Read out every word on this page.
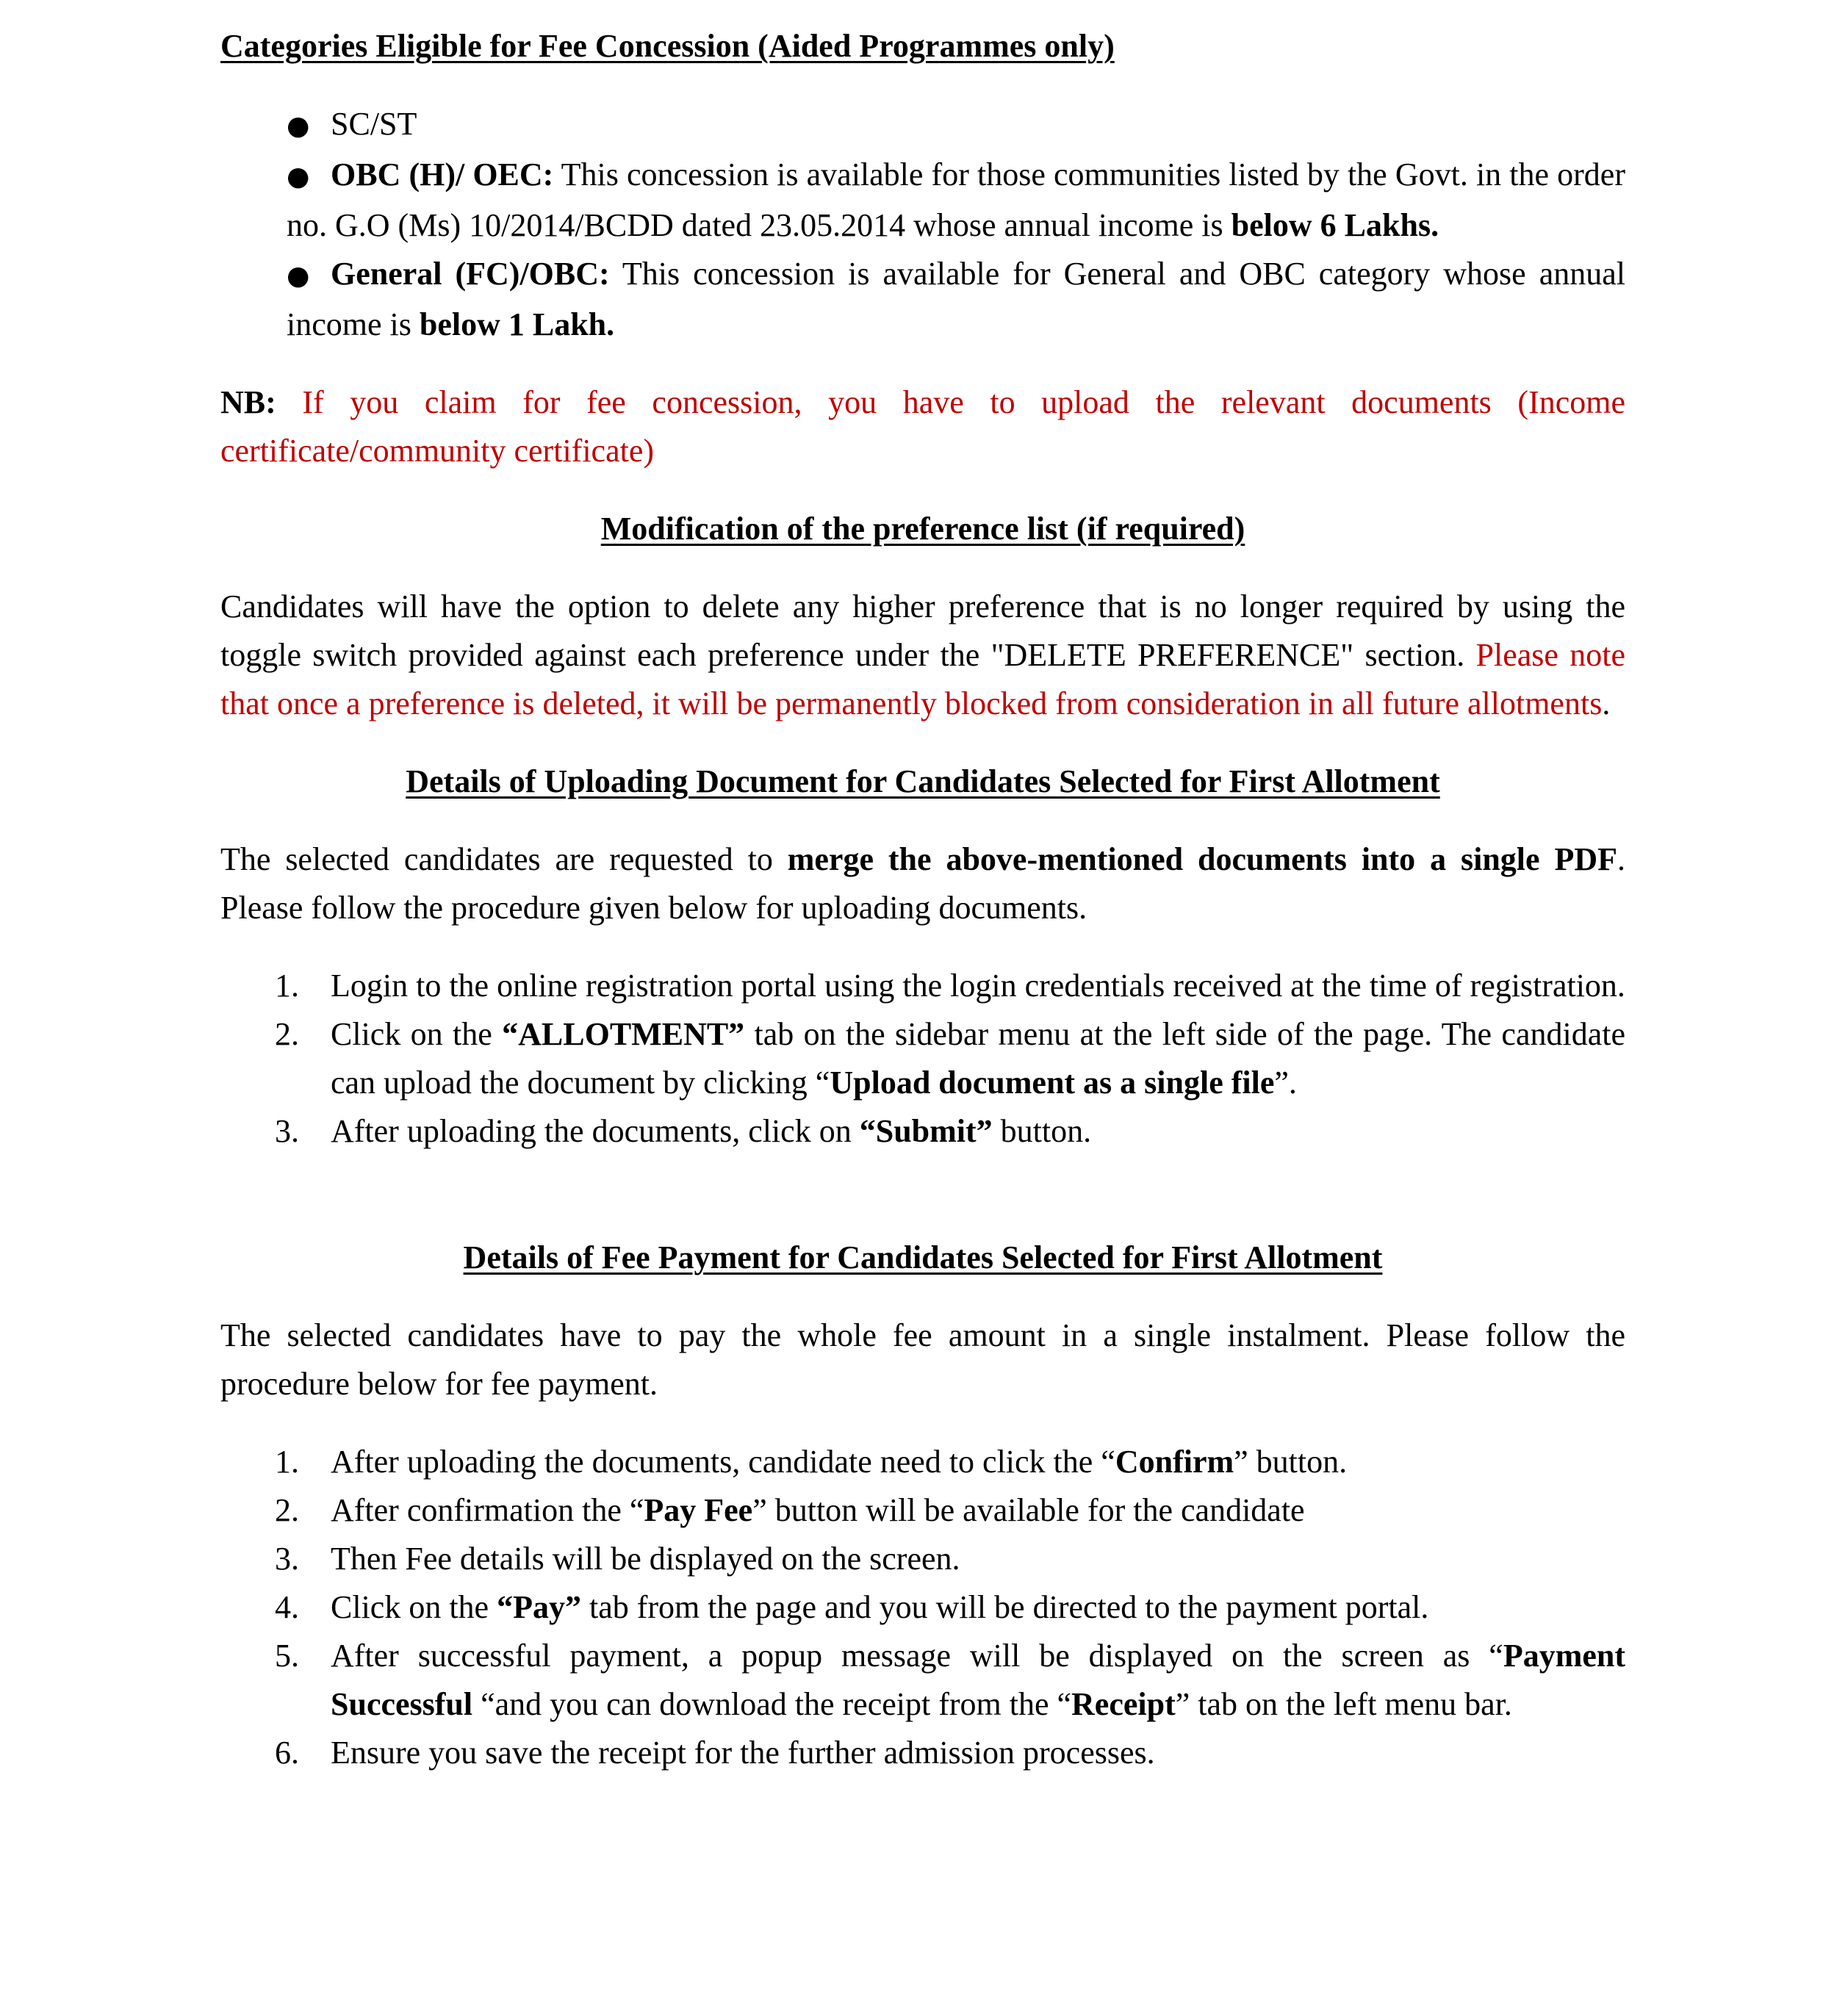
Categories Eligible for Fee Concession (Aided Programmes only)

● SC/ST
● OBC (H)/ OEC: This concession is available for those communities listed by the Govt. in the order no. G.O (Ms) 10/2014/BCDD dated 23.05.2014 whose annual income is below 6 Lakhs.
● General (FC)/OBC: This concession is available for General and OBC category whose annual income is below 1 Lakh.

NB: If you claim for fee concession, you have to upload the relevant documents (Income certificate/community certificate)

Modification of the preference list (if required)

Candidates will have the option to delete any higher preference that is no longer required by using the toggle switch provided against each preference under the "DELETE PREFERENCE" section. Please note that once a preference is deleted, it will be permanently blocked from consideration in all future allotments.

Details of Uploading Document for Candidates Selected for First Allotment

The selected candidates are requested to merge the above-mentioned documents into a single PDF. Please follow the procedure given below for uploading documents.

1. Login to the online registration portal using the login credentials received at the time of registration.
2. Click on the “ALLOTMENT” tab on the sidebar menu at the left side of the page. The candidate can upload the document by clicking “Upload document as a single file”.
3. After uploading the documents, click on “Submit” button.

Details of Fee Payment for Candidates Selected for First Allotment

The selected candidates have to pay the whole fee amount in a single instalment. Please follow the procedure below for fee payment.

1. After uploading the documents, candidate need to click the “Confirm” button.
2. After confirmation the “Pay Fee” button will be available for the candidate
3. Then Fee details will be displayed on the screen.
4. Click on the “Pay” tab from the page and you will be directed to the payment portal.
5. After successful payment, a popup message will be displayed on the screen as “Payment Successful “and you can download the receipt from the “Receipt” tab on the left menu bar.
6. Ensure you save the receipt for the further admission processes.
